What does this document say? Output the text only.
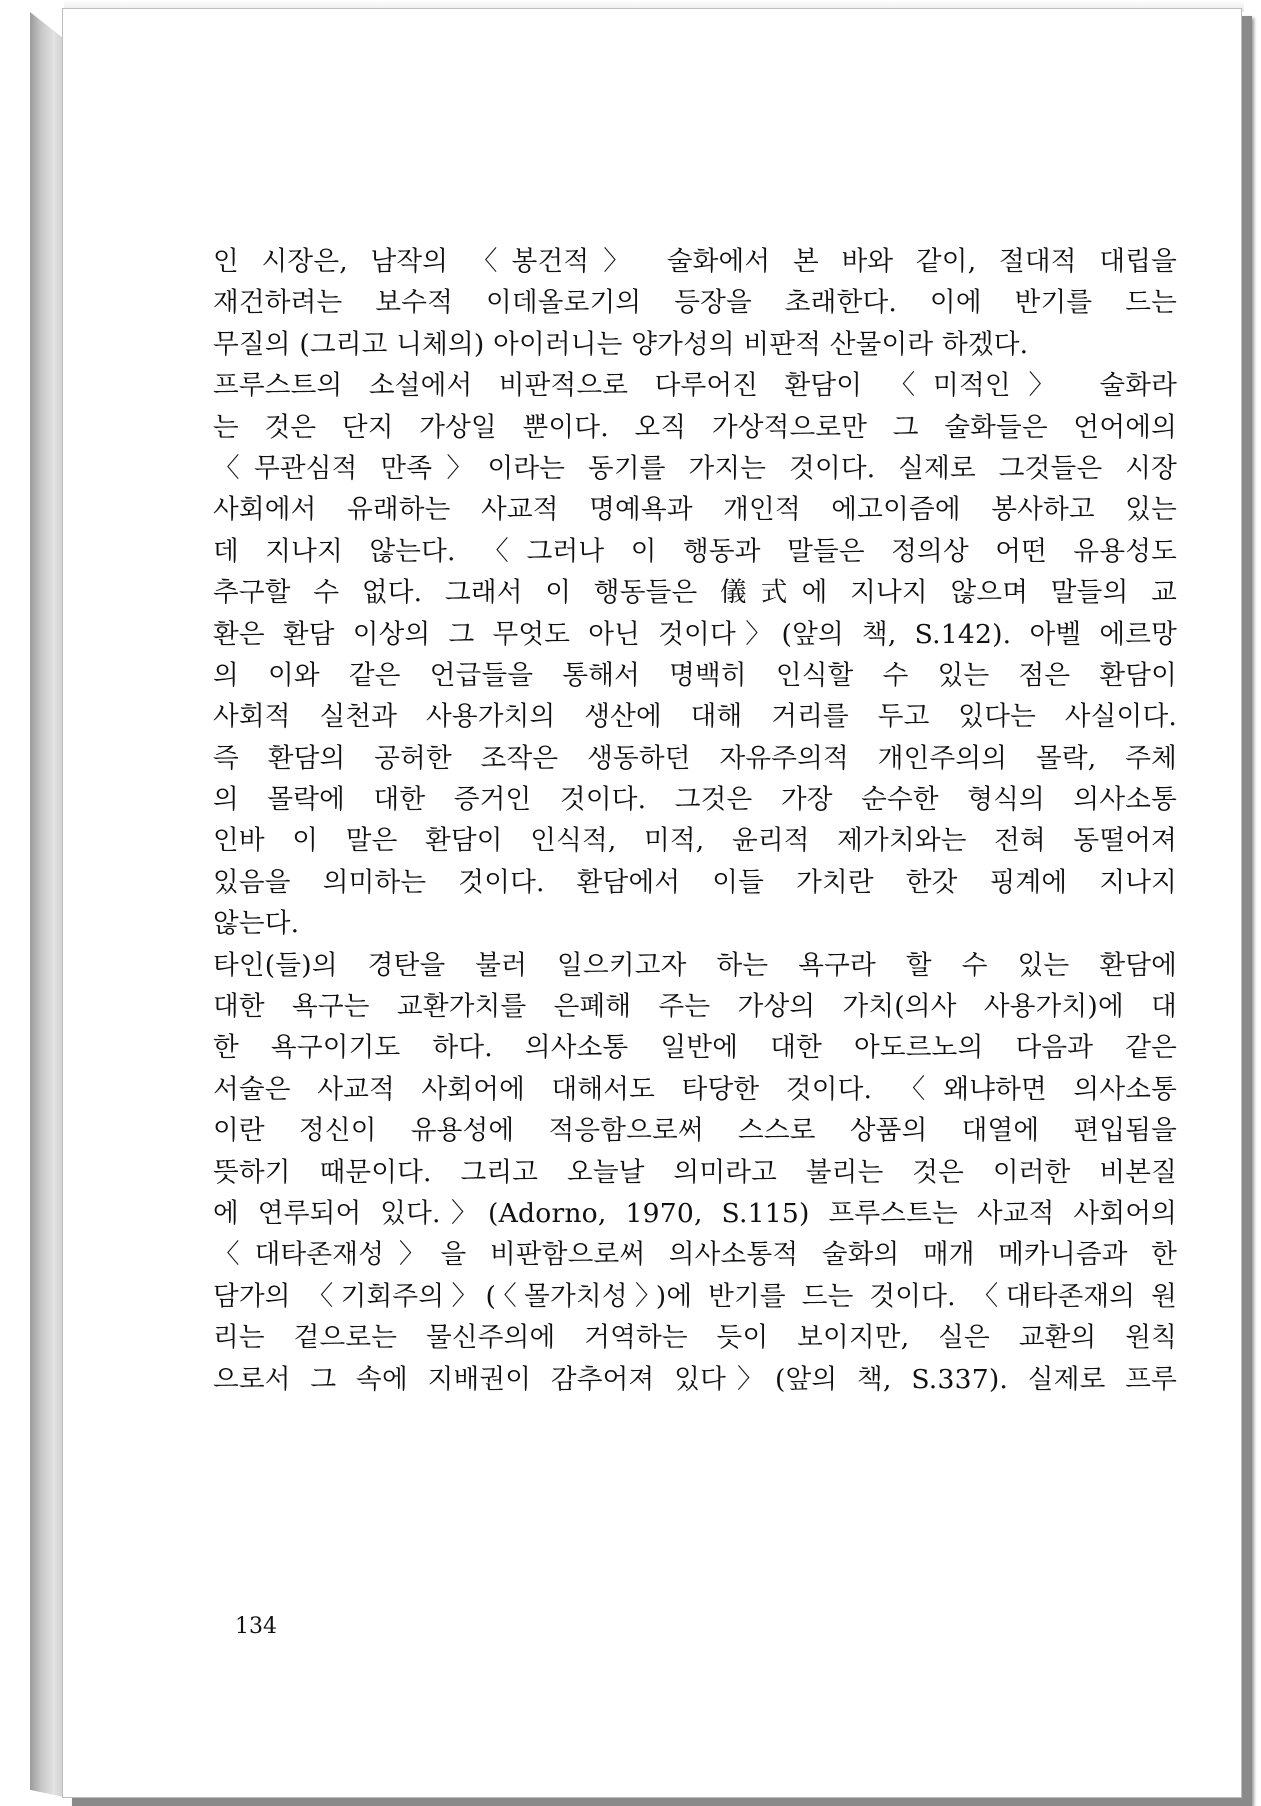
인 시장은, 남작의 〈봉건적〉 술화에서 본 바와 같이, 절대적 대립을
재건하려는 보수적 이데올로기의 등장을 초래한다. 이에 반기를 드는
무질의 (그리고 니체의) 아이러니는 양가성의 비판적 산물이라 하겠다.
프루스트의 소설에서 비판적으로 다루어진 환담이 〈미적인〉 술화라
는 것은 단지 가상일 뿐이다. 오직 가상적으로만 그 술화들은 언어에의
〈무관심적 만족〉이라는 동기를 가지는 것이다. 실제로 그것들은 시장
사회에서 유래하는 사교적 명예욕과 개인적 에고이즘에 봉사하고 있는
데 지나지 않는다. 〈그러나 이 행동과 말들은 정의상 어떤 유용성도
추구할 수 없다. 그래서 이 행동들은 儀式에 지나지 않으며 말들의 교
환은 환담 이상의 그 무엇도 아닌 것이다〉(앞의 책, S.142). 아벨 에르망
의 이와 같은 언급들을 통해서 명백히 인식할 수 있는 점은 환담이
사회적 실천과 사용가치의 생산에 대해 거리를 두고 있다는 사실이다.
즉 환담의 공허한 조작은 생동하던 자유주의적 개인주의의 몰락, 주체
의 몰락에 대한 증거인 것이다. 그것은 가장 순수한 형식의 의사소통
인바 이 말은 환담이 인식적, 미적, 윤리적 제가치와는 전혀 동떨어져
있음을 의미하는 것이다. 환담에서 이들 가치란 한갓 핑계에 지나지
않는다.
타인(들)의 경탄을 불러 일으키고자 하는 욕구라 할 수 있는 환담에
대한 욕구는 교환가치를 은폐해 주는 가상의 가치(의사 사용가치)에 대
한 욕구이기도 하다. 의사소통 일반에 대한 아도르노의 다음과 같은
서술은 사교적 사회어에 대해서도 타당한 것이다. 〈왜냐하면 의사소통
이란 정신이 유용성에 적응함으로써 스스로 상품의 대열에 편입됨을
뜻하기 때문이다. 그리고 오늘날 의미라고 불리는 것은 이러한 비본질
에 연루되어 있다.〉(Adorno, 1970, S.115) 프루스트는 사교적 사회어의
〈대타존재성〉을 비판함으로써 의사소통적 술화의 매개 메카니즘과 한
담가의 〈기회주의〉(〈몰가치성〉)에 반기를 드는 것이다. 〈대타존재의 원
리는 겉으로는 물신주의에 거역하는 듯이 보이지만, 실은 교환의 원칙
으로서 그 속에 지배권이 감추어져 있다〉(앞의 책, S.337). 실제로 프루
134
